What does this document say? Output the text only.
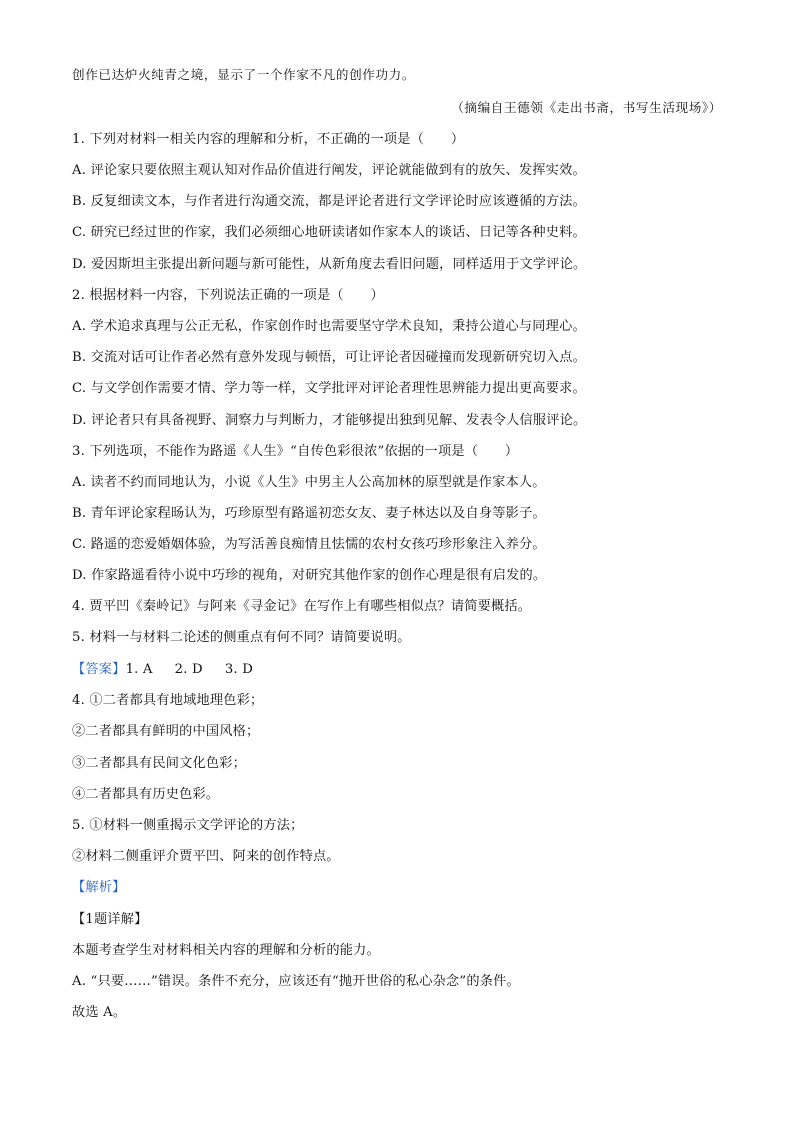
创作已达炉火纯青之境，显示了一个作家不凡的创作功力。
（摘编自王德领《走出书斋，书写生活现场》）
1. 下列对材料一相关内容的理解和分析，不正确的一项是（　　）
A. 评论家只要依照主观认知对作品价值进行阐发，评论就能做到有的放矢、发挥实效。
B. 反复细读文本，与作者进行沟通交流，都是评论者进行文学评论时应该遵循的方法。
C. 研究已经过世的作家，我们必须细心地研读诸如作家本人的谈话、日记等各种史料。
D. 爱因斯坦主张提出新问题与新可能性，从新角度去看旧问题，同样适用于文学评论。
2. 根据材料一内容，下列说法正确的一项是（　　）
A. 学术追求真理与公正无私，作家创作时也需要坚守学术良知，秉持公道心与同理心。
B. 交流对话可让作者必然有意外发现与顿悟，可让评论者因碰撞而发现新研究切入点。
C. 与文学创作需要才情、学力等一样，文学批评对评论者理性思辨能力提出更高要求。
D. 评论者只有具备视野、洞察力与判断力，才能够提出独到见解、发表令人信服评论。
3. 下列选项，不能作为路遥《人生》“自传色彩很浓”依据的一项是（　　）
A. 读者不约而同地认为，小说《人生》中男主人公高加林的原型就是作家本人。
B. 青年评论家程旸认为，巧珍原型有路遥初恋女友、妻子林达以及自身等影子。
C. 路遥的恋爱婚姻体验，为写活善良痴情且怯懦的农村女孩巧珍形象注入养分。
D. 作家路遥看待小说中巧珍的视角，对研究其他作家的创作心理是很有启发的。
4. 贾平凹《秦岭记》与阿来《寻金记》在写作上有哪些相似点？请简要概括。
5. 材料一与材料二论述的侧重点有何不同？请简要说明。
【答案】1. A 2. D 3. D
4. ①二者都具有地域地理色彩；
②二者都具有鲜明的中国风格；
③二者都具有民间文化色彩；
④二者都具有历史色彩。
5. ①材料一侧重揭示文学评论的方法；
②材料二侧重评介贾平凹、阿来的创作特点。
【解析】
【1题详解】
本题考查学生对材料相关内容的理解和分析的能力。
A. “只要……”错误。条件不充分，应该还有“抛开世俗的私心杂念”的条件。
故选 A。
